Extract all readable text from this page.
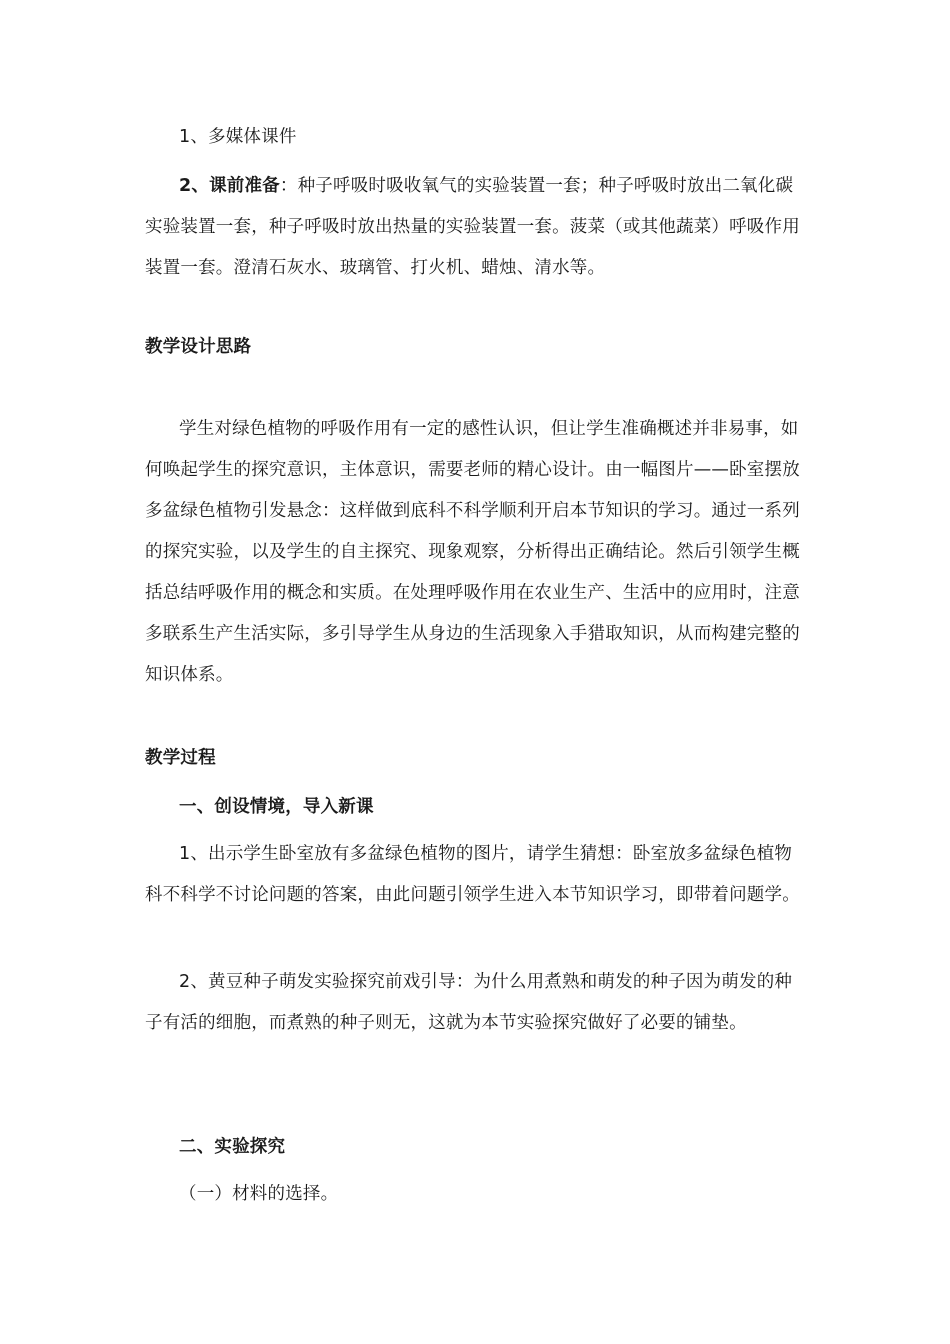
1、多媒体课件

2、课前准备：种子呼吸时吸收氧气的实验装置一套；种子呼吸时放出二氧化碳实验装置一套，种子呼吸时放出热量的实验装置一套。菠菜（或其他蔬菜）呼吸作用装置一套。澄清石灰水、玻璃管、打火机、蜡烛、清水等。

教学设计思路

学生对绿色植物的呼吸作用有一定的感性认识，但让学生准确概述并非易事，如何唤起学生的探究意识，主体意识，需要老师的精心设计。由一幅图片——卧室摆放多盆绿色植物引发悬念：这样做到底科不科学顺利开启本节知识的学习。通过一系列的探究实验，以及学生的自主探究、现象观察，分析得出正确结论。然后引领学生概括总结呼吸作用的概念和实质。在处理呼吸作用在农业生产、生活中的应用时，注意多联系生产生活实际，多引导学生从身边的生活现象入手猎取知识，从而构建完整的知识体系。

教学过程

一、创设情境，导入新课

1、出示学生卧室放有多盆绿色植物的图片，请学生猜想：卧室放多盆绿色植物科不科学不讨论问题的答案，由此问题引领学生进入本节知识学习，即带着问题学。

2、黄豆种子萌发实验探究前戏引导：为什么用煮熟和萌发的种子因为萌发的种子有活的细胞，而煮熟的种子则无，这就为本节实验探究做好了必要的铺垫。

二、实验探究

（一）材料的选择。
